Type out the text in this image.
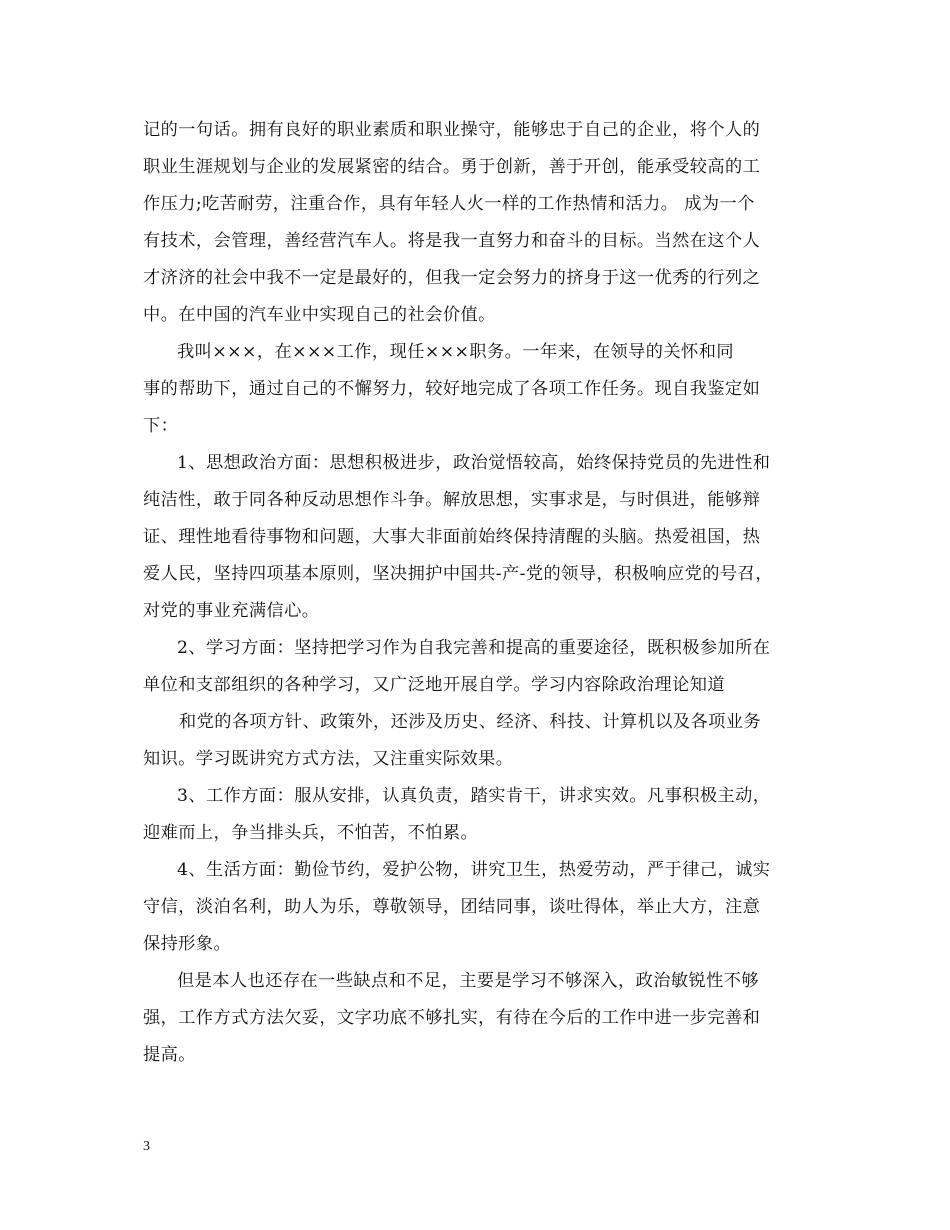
记的一句话。拥有良好的职业素质和职业操守，能够忠于自己的企业，将个人的
职业生涯规划与企业的发展紧密的结合。勇于创新，善于开创，能承受较高的工
作压力;吃苦耐劳，注重合作，具有年轻人火一样的工作热情和活力。 成为一个
有技术，会管理，善经营汽车人。将是我一直努力和奋斗的目标。当然在这个人
才济济的社会中我不一定是最好的，但我一定会努力的挤身于这一优秀的行列之
中。在中国的汽车业中实现自己的社会价值。
我叫×××，在×××工作，现任×××职务。一年来，在领导的关怀和同
事的帮助下，通过自己的不懈努力，较好地完成了各项工作任务。现自我鉴定如
下：
1、思想政治方面：思想积极进步，政治觉悟较高，始终保持党员的先进性和
纯洁性，敢于同各种反动思想作斗争。解放思想，实事求是，与时俱进，能够辩
证、理性地看待事物和问题，大事大非面前始终保持清醒的头脑。热爱祖国，热
爱人民，坚持四项基本原则，坚决拥护中国共-产-党的领导，积极响应党的号召，
对党的事业充满信心。
2、学习方面：坚持把学习作为自我完善和提高的重要途径，既积极参加所在
单位和支部组织的各种学习，又广泛地开展自学。学习内容除政治理论知道
和党的各项方针、政策外，还涉及历史、经济、科技、计算机以及各项业务
知识。学习既讲究方式方法，又注重实际效果。
3、工作方面：服从安排，认真负责，踏实肯干，讲求实效。凡事积极主动，
迎难而上，争当排头兵，不怕苦，不怕累。
4、生活方面：勤俭节约，爱护公物，讲究卫生，热爱劳动，严于律己，诚实
守信，淡泊名利，助人为乐，尊敬领导，团结同事，谈吐得体，举止大方，注意
保持形象。
但是本人也还存在一些缺点和不足，主要是学习不够深入，政治敏锐性不够
强，工作方式方法欠妥，文字功底不够扎实，有待在今后的工作中进一步完善和
提高。
3
